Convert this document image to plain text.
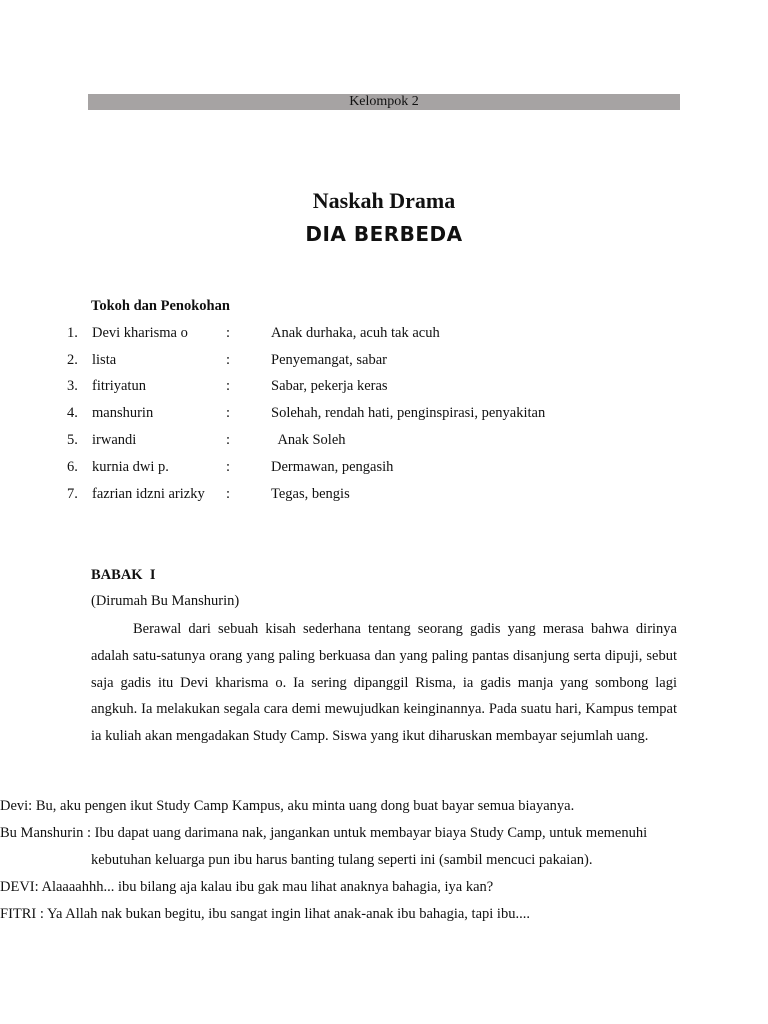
Kelompok 2
Naskah Drama
DIA BERBEDA
Tokoh dan Penokohan
1. Devi kharisma o	:	Anak durhaka, acuh tak acuh
2. lista	:	Penyemangat, sabar
3. fitriyatun	:	Sabar, pekerja keras
4. manshurin	:	Solehah, rendah hati, penginspirasi, penyakitan
5. irwandi	:	Anak Soleh
6. kurnia dwi p.	:	Dermawan, pengasih
7. fazrian idzni arizky :	Tegas, bengis
BABAK  I
(Dirumah Bu Manshurin)
Berawal dari sebuah kisah sederhana tentang seorang gadis yang merasa bahwa dirinya adalah satu-satunya orang yang paling berkuasa dan yang paling pantas disanjung serta dipuji, sebut saja gadis itu Devi kharisma o. Ia sering dipanggil Risma, ia gadis manja yang sombong lagi angkuh. Ia melakukan segala cara demi mewujudkan keinginannya. Pada suatu hari, Kampus tempat ia kuliah akan mengadakan Study Camp. Siswa yang ikut diharuskan membayar sejumlah uang.
Devi: Bu, aku pengen ikut Study Camp Kampus, aku minta uang dong buat bayar semua biayanya.
Bu Manshurin : Ibu dapat uang darimana nak, jangankan untuk membayar biaya Study Camp, untuk memenuhi
kebutuhan keluarga pun ibu harus banting tulang seperti ini (sambil mencuci pakaian).
DEVI: Alaaaahhh... ibu bilang aja kalau ibu gak mau lihat anaknya bahagia, iya kan?
FITRI : Ya Allah nak bukan begitu, ibu sangat ingin lihat anak-anak ibu bahagia, tapi ibu....
